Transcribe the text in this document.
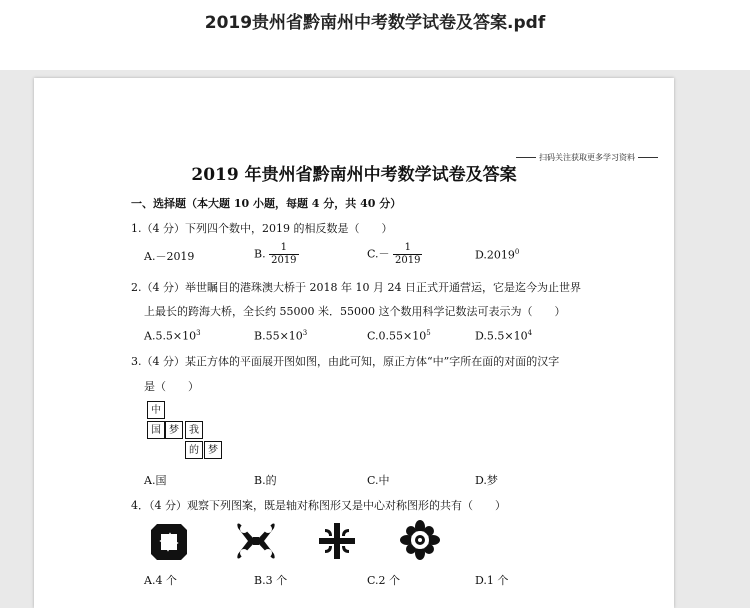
2019贵州省黔南州中考数学试卷及答案.pdf
扫码关注获取更多学习资料
2019 年贵州省黔南州中考数学试卷及答案
一、选择题（本大题 10 小题，每题 4 分，共 40 分）
1.（4 分）下列四个数中，2019 的相反数是（　　）
A.－2019	B. $\frac{1}{2019}$	$C.- \frac{1}{2019}$	D.2019$^0$
2.（4 分）举世瞩目的港珠澳大桥于 2018 年 10 月 24 日正式开通营运，它是迄今为止世界
上最长的跨海大桥，全长约 55000 米．55000 这个数用科学记数法可表示为（　　）
$A.5.5\times 10^3$	$B.55\times 10^3$	$C.0.55\times 10^5$	$D.5.5\times 10^4$
3.（4 分）某正方体的平面展开图如图，由此可知，原正方体“中”字所在面的对面的汉字
是（　　）
中
国 梦	我
的 梦
A.国	B.的	C.中	D.梦
4．（4 分）观察下列图案，既是轴对称图形又是中心对称图形的共有（　　）
A.4 个	B.3 个	C.2 个	D.1 个
